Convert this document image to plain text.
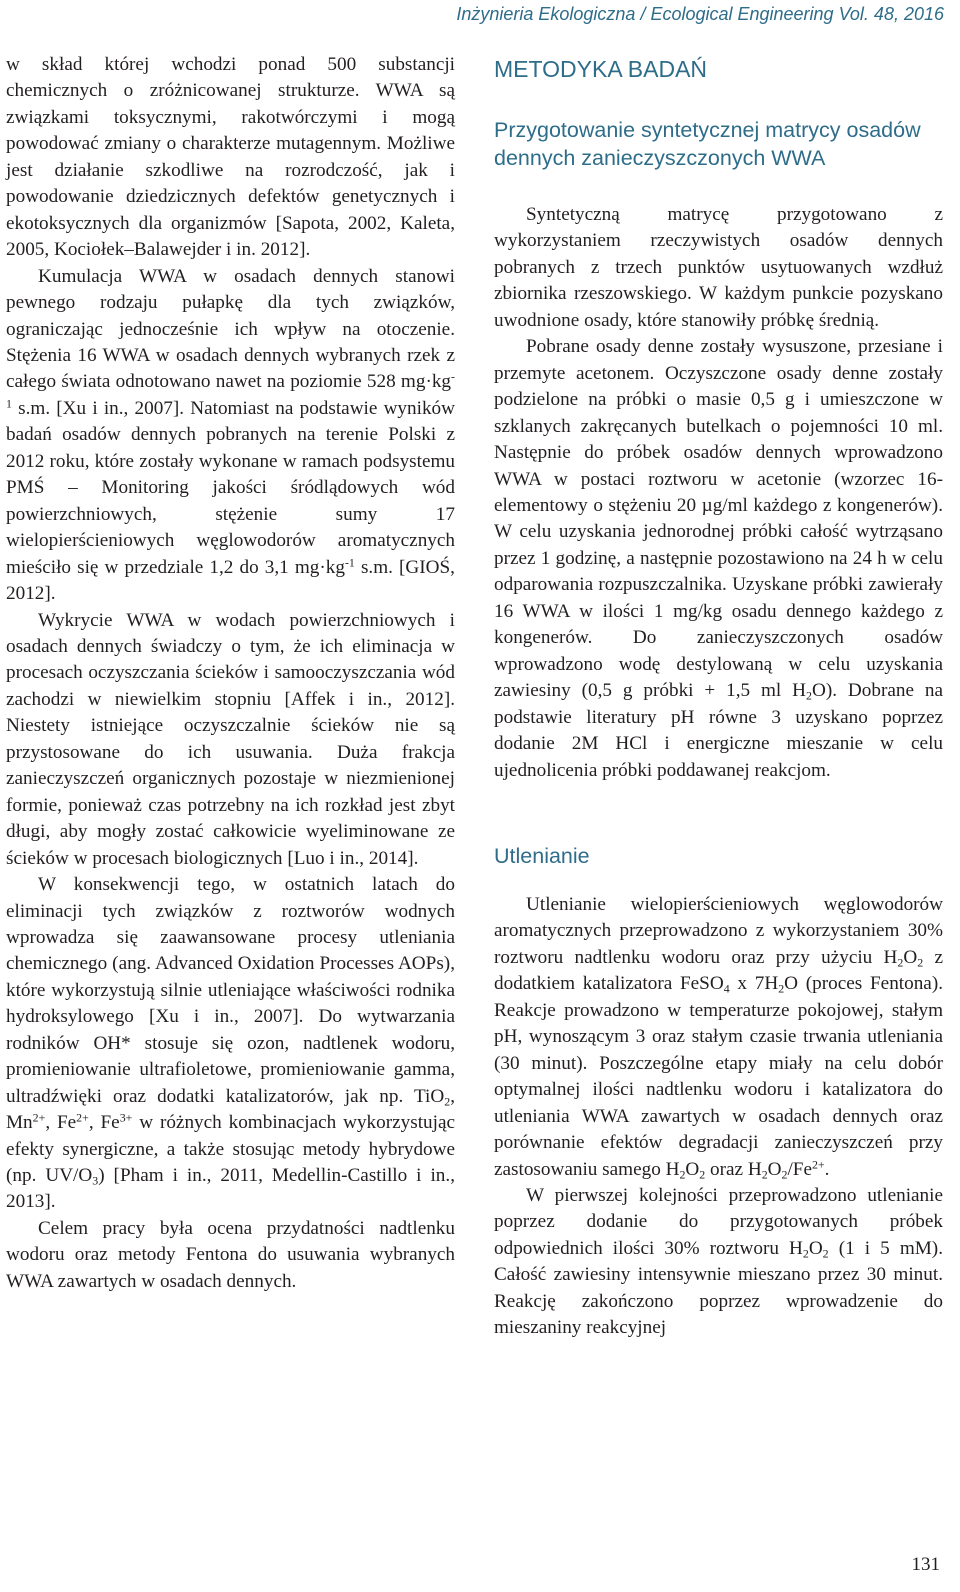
Inżynieria Ekologiczna / Ecological Engineering Vol. 48, 2016

w skład której wchodzi ponad 500 substancji chemicznych o zróżnicowanej strukturze. WWA są związkami toksycznymi, rakotwórczymi i mogą powodować zmiany o charakterze mutagennym. Możliwe jest działanie szkodliwe na rozrodczość, jak i powodowanie dziedzicznych defektów genetycznych i ekotoksycznych dla organizmów [Sapota, 2002, Kaleta, 2005, Kociołek–Balawejder i in. 2012].

Kumulacja WWA w osadach dennych stanowi pewnego rodzaju pułapkę dla tych związków, ograniczając jednocześnie ich wpływ na otoczenie. Stężenia 16 WWA w osadach dennych wybranych rzek z całego świata odnotowano nawet na poziomie 528 $mg\cdot kg^{-1}$ s.m. [Xu i in., 2007]. Natomiast na podstawie wyników badań osadów dennych pobranych na terenie Polski z 2012 roku, które zostały wykonane w ramach podsystemu PMŚ – Monitoring jakości śródlądowych wód powierzchniowych, stężenie sumy 17 wielopierścieniowych węglowodorów aromatycznych mieściło się w przedziale 1,2 do 3,1 $mg\cdot kg^{-1}$ s.m. [GIOŚ, 2012].

Wykrycie WWA w wodach powierzchniowych i osadach dennych świadczy o tym, że ich eliminacja w procesach oczyszczania ścieków i samooczyszczania wód zachodzi w niewielkim stopniu [Affek i in., 2012]. Niestety istniejące oczyszczalnie ścieków nie są przystosowane do ich usuwania. Duża frakcja zanieczyszczeń organicznych pozostaje w niezmienionej formie, ponieważ czas potrzebny na ich rozkład jest zbyt długi, aby mogły zostać całkowicie wyeliminowane ze ścieków w procesach biologicznych [Luo i in., 2014].

W konsekwencji tego, w ostatnich latach do eliminacji tych związków z roztworów wodnych wprowadza się zaawansowane procesy utleniania chemicznego (ang. Advanced Oxidation Processes AOPs), które wykorzystują silnie utleniające właściwości rodnika hydroksylowego [Xu i in., 2007]. Do wytwarzania rodników OH* stosuje się ozon, nadtlenek wodoru, promieniowanie ultrafioletowe, promieniowanie gamma, ultradźwięki oraz dodatki katalizatorów, jak np. TiO$_2$, $Mn^{2+}$, $Fe^{2+}$, $Fe^{3+}$ w różnych kombinacjach wykorzystując efekty synergiczne, a także stosując metody hybrydowe (np. $UV/O_3$) [Pham i in., 2011, Medellin-Castillo i in., 2013].

Celem pracy była ocena przydatności nadtlenku wodoru oraz metody Fentona do usuwania wybranych WWA zawartych w osadach dennych.

METODYKA BADAŃ
Przygotowanie syntetycznej matrycy osadów dennych zanieczyszczonych WWA

Syntetyczną matrycę przygotowano z wykorzystaniem rzeczywistych osadów dennych pobranych z trzech punktów usytuowanych wzdłuż zbiornika rzeszowskiego. W każdym punkcie pozyskano uwodnione osady, które stanowiły próbkę średnią.

Pobrane osady denne zostały wysuszone, przesiane i przemyte acetonem. Oczyszczone osady denne zostały podzielone na próbki o masie 0,5 g i umieszczone w szklanych zakręcanych butelkach o pojemności 10 ml. Następnie do próbek osadów dennych wprowadzono WWA w postaci roztworu w acetonie (wzorzec 16-elementowy o stężeniu 20 µg/ml każdego z kongenerów). W celu uzyskania jednorodnej próbki całość wytrząsano przez 1 godzinę, a następnie pozostawiono na 24 h w celu odparowania rozpuszczalnika. Uzyskane próbki zawierały 16 WWA w ilości 1 mg/kg osadu dennego każdego z kongenerów. Do zanieczyszczonych osadów wprowadzono wodę destylowaną w celu uzyskania zawiesiny (0,5 g próbki + 1,5 ml $H_2O$). Dobrane na podstawie literatury pH równe 3 uzyskano poprzez dodanie 2M HCl i energiczne mieszanie w celu ujednolicenia próbki poddawanej reakcjom.

Utlenianie

Utlenianie wielopierścieniowych węglowodorów aromatycznych przeprowadzono z wykorzystaniem 30% roztworu nadtlenku wodoru oraz przy użyciu $H_2O_2$ z dodatkiem katalizatora FeSO$_4$ x $7H_2O$ (proces Fentona). Reakcje prowadzono w temperaturze pokojowej, stałym pH, wynoszącym 3 oraz stałym czasie trwania utleniania (30 minut). Poszczególne etapy miały na celu dobór optymalnej ilości nadtlenku wodoru i katalizatora do utleniania WWA zawartych w osadach dennych oraz porównanie efektów degradacji zanieczyszczeń przy zastosowaniu samego $H_2O_2$ oraz $H_2O_2/Fe^{2+}$.

W pierwszej kolejności przeprowadzono utlenianie poprzez dodanie do przygotowanych próbek odpowiednich ilości 30% roztworu $H_2O_2$ (1 i 5 mM). Całość zawiesiny intensywnie mieszano przez 30 minut. Reakcję zakończono poprzez wprowadzenie do mieszaniny reakcyjnej

131
